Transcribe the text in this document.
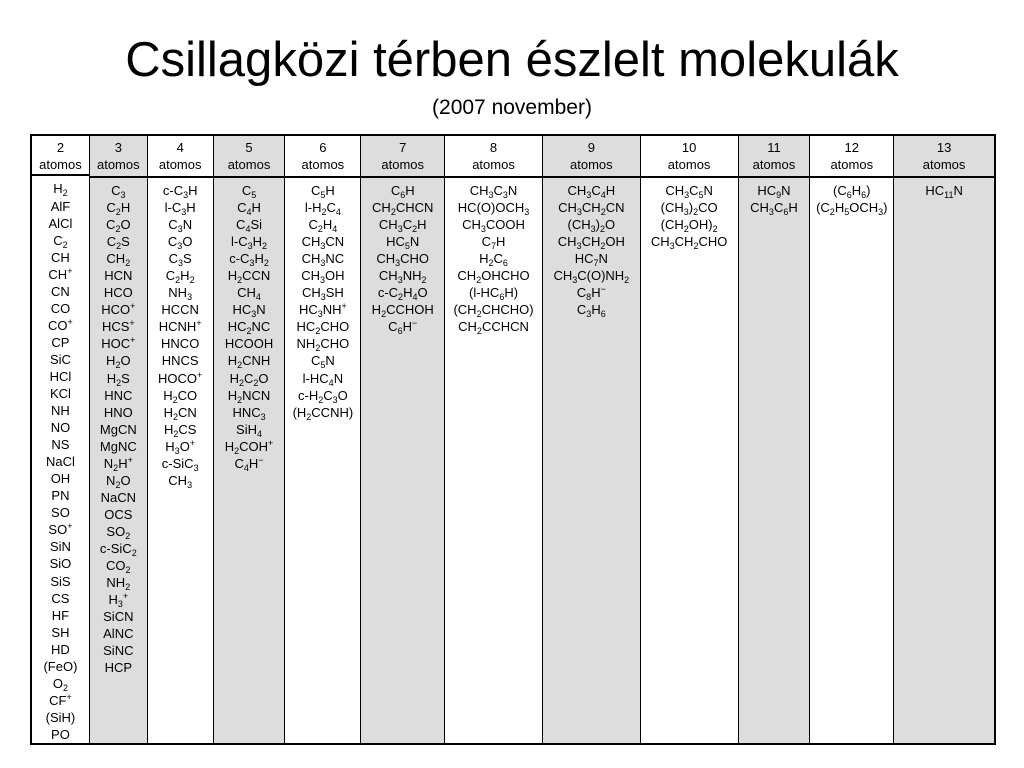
Csillagközi térben észlelt molekulák
(2007 november)
2
atomos
$H_2$
AlF
AlCl
$C_2$
CH
CH+
CN
CO
CO+
CP
SiC
HCl
KCl
NH
NO
NS
NaCl
OH
PN
SO
SO+
SiN
SiO
SiS
CS
HF
SH
HD
(FeO)
$O_2$
CF+
(SiH)
PO
3
atomos
$C_3$
$C_2H$
$C_2O$
$C_2S$
$CH_2$
HCN
HCO
HCO+
HCS+
HOC+
$H_2O$
$H_2S$
HNC
HNO
MgCN
MgNC
$N_2H^+$
$N_2O$
NaCN
OCS
$SO_2$
c-SiC$_2$
$CO_2$
$NH_2$
$H_3^+$
SiCN
AlNC
SiNC
HCP
4
atomos
$c-C_3H$
$l-C_3H$
$C_3N$
$C_3O$
$C_3S$
$C_2H_2$
$NH_3$
HCCN
HCNH+
HNCO
HNCS
HOCO+
$H_2CO$
$H_2CN$
$H_2CS$
$H_3O^+$
c-SiC$_3$
$CH_3$
5
atomos
$C_5$
$C_4H$
$C_4Si$
$l-C_3H_2$
$c-C_3H_2$
$H_2CCN$
$CH_4$
$HC_3N$
$HC_2NC$
HCOOH
$H_2CNH$
$H_2C_2O$
$H_2NCN$
$HNC_3$
SiH$_4$
$H_2COH^+$
$C_4H^-$
6
atomos
$C_5H$
$l-H_2C_4$
$C_2H_4$
$CH_3CN$
$CH_3NC$
$CH_3OH$
$CH_3SH$
$HC_3NH^+$
$HC_2CHO$
$NH_2CHO$
$C_5N$
$l-HC_4N$
$c-H_2C_3O$
$(H_2CCNH)$
7
atomos
$C_6H$
$CH_2CHCN$
$CH_3C_2H$
$HC_5N$
$CH_3CHO$
$CH_3NH_2$
$c-C_2H_4O$
$H_2CCHOH$
$C_6H^-$
8
atomos
$CH_3C_3N$
$HC(O)OCH_3$
$CH_3COOH$
$C_7H$
$H_2C_6$
$CH_2OHCHO$
$(l-HC_6H)$
$(CH_2CHCHO)$
$CH_2CCHCN$
9
atomos
$CH_3C_4H$
$CH_3CH_2CN$
$(CH_3)_2O$
$CH_3CH_2OH$
$HC_7N$
$CH_3C(O)NH_2$
$C_8H^-$
$C_3H_6$
10
atomos
$CH_3C_5N$
$(CH_3)_2CO$
$(CH_2OH)_2$
$CH_3CH_2CHO$
11
atomos
$HC_9N$
$CH_3C_6H$
12
atomos
$(C_6H_6)$
$(C_2H_5OCH_3)$
13
atomos
$HC_{11}N$
